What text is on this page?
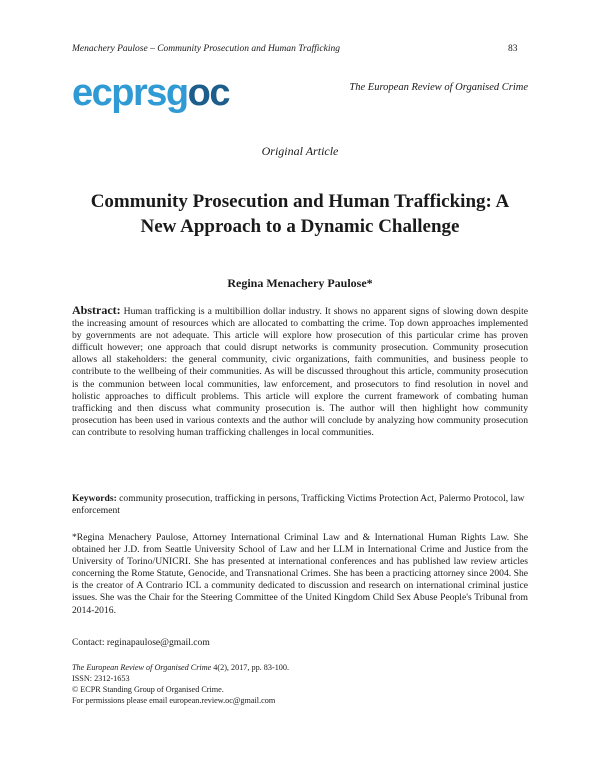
Menachery Paulose – Community Prosecution and Human Trafficking	83
ecprsgoc	The European Review of Organised Crime
Original Article
Community Prosecution and Human Trafficking: A New Approach to a Dynamic Challenge
Regina Menachery Paulose*

Abstract: Human trafficking is a multibillion dollar industry. It shows no apparent signs of slowing down despite the increasing amount of resources which are allocated to combatting the crime. Top down approaches implemented by governments are not adequate. This article will explore how prosecution of this particular crime has proven difficult however; one approach that could disrupt networks is community prosecution. Community prosecution allows all stakeholders: the general community, civic organizations, faith communities, and business people to contribute to the wellbeing of their communities. As will be discussed throughout this article, community prosecution is the communion between local communities, law enforcement, and prosecutors to find resolution in novel and holistic approaches to difficult problems. This article will explore the current framework of combating human trafficking and then discuss what community prosecution is. The author will then highlight how community prosecution has been used in various contexts and the author will conclude by analyzing how community prosecution can contribute to resolving human trafficking challenges in local communities.

Keywords: community prosecution, trafficking in persons, Trafficking Victims Protection Act, Palermo Protocol, law enforcement

*Regina Menachery Paulose, Attorney International Criminal Law and & International Human Rights Law. She obtained her J.D. from Seattle University School of Law and her LLM in International Crime and Justice from the University of Torino/UNICRI. She has presented at international conferences and has published law review articles concerning the Rome Statute, Genocide, and Transnational Crimes. She has been a practicing attorney since 2004. She is the creator of A Contrario ICL a community dedicated to discussion and research on international criminal justice issues. She was the Chair for the Steering Committee of the United Kingdom Child Sex Abuse People's Tribunal from 2014-2016.

Contact: reginapaulose@gmail.com
The European Review of Organised Crime 4(2), 2017, pp. 83-100.
ISSN: 2312-1653
© ECPR Standing Group of Organised Crime.
For permissions please email european.review.oc@gmail.com
